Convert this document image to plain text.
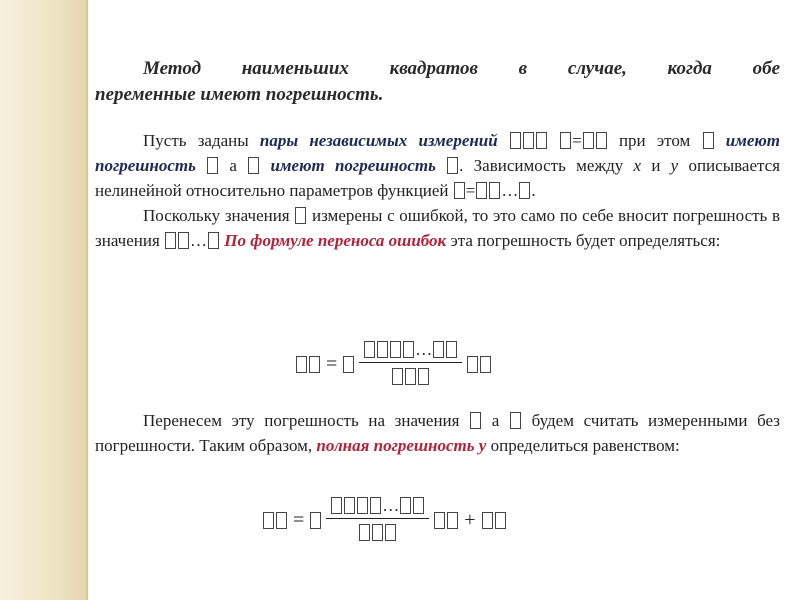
Метод наименьших квадратов в случае, когда обе
переменные имеют погрешность.

Пусть заданы пары независимых измерений	= при этом  имеют погрешность  а  имеют погрешность . Зависимость между x и y описывается нелинейной относительно параметров функцией = … .

Поскольку значения  измерены с ошибкой, то это само по себе вносит погрешность в значения … По формуле переноса ошибок эта погрешность будет определяться:

=
…

Перенесем эту погрешность на значения  а  будем считать измеренными без погрешности. Таким образом, полная погрешность y определиться равенством:

=
…
+
